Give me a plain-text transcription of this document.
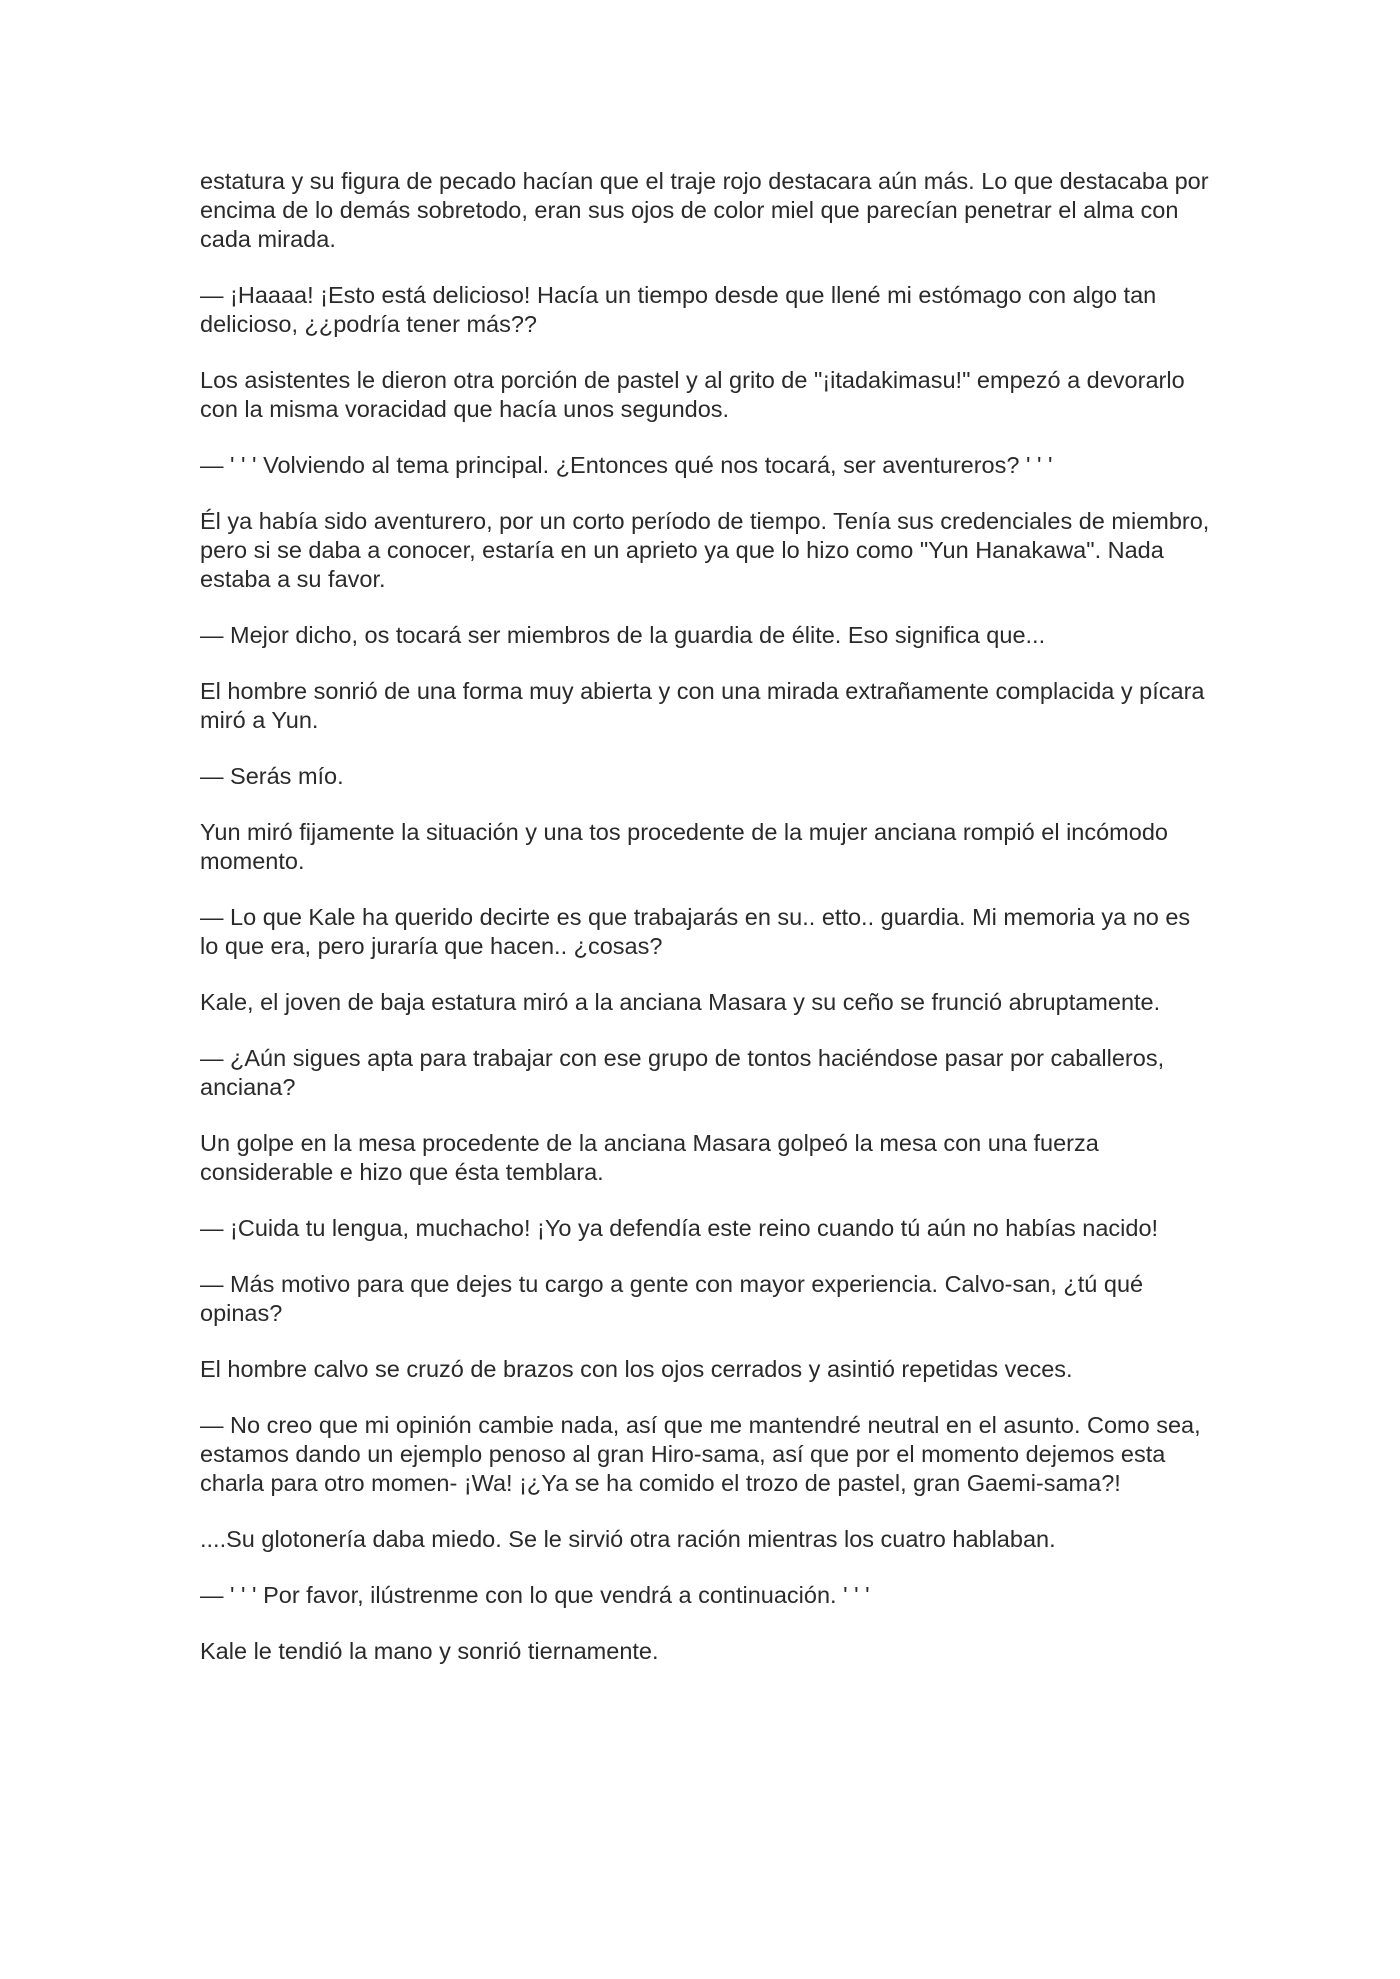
estatura y su figura de pecado hacían que el traje rojo destacara aún más. Lo que destacaba por encima de lo demás sobretodo, eran sus ojos de color miel que parecían penetrar el alma con cada mirada.

— ¡Haaaa! ¡Esto está delicioso! Hacía un tiempo desde que llené mi estómago con algo tan delicioso, ¿¿podría tener más??

Los asistentes le dieron otra porción de pastel y al grito de "¡itadakimasu!" empezó a devorarlo con la misma voracidad que hacía unos segundos.

— ' ' ' Volviendo al tema principal. ¿Entonces qué nos tocará, ser aventureros? ' ' '

Él ya había sido aventurero, por un corto período de tiempo. Tenía sus credenciales de miembro, pero si se daba a conocer, estaría en un aprieto ya que lo hizo como "Yun Hanakawa". Nada estaba a su favor.

— Mejor dicho, os tocará ser miembros de la guardia de élite. Eso significa que...

El hombre sonrió de una forma muy abierta y con una mirada extrañamente complacida y pícara miró a Yun.

— Serás mío.

Yun miró fijamente la situación y una tos procedente de la mujer anciana rompió el incómodo momento.

— Lo que Kale ha querido decirte es que trabajarás en su.. etto.. guardia. Mi memoria ya no es lo que era, pero juraría que hacen.. ¿cosas?

Kale, el joven de baja estatura miró a la anciana Masara y su ceño se frunció abruptamente.

— ¿Aún sigues apta para trabajar con ese grupo de tontos haciéndose pasar por caballeros, anciana?

Un golpe en la mesa procedente de la anciana Masara golpeó la mesa con una fuerza considerable e hizo que ésta temblara.

— ¡Cuida tu lengua, muchacho! ¡Yo ya defendía este reino cuando tú aún no habías nacido!

— Más motivo para que dejes tu cargo a gente con mayor experiencia. Calvo-san, ¿tú qué opinas?

El hombre calvo se cruzó de brazos con los ojos cerrados y asintió repetidas veces.

— No creo que mi opinión cambie nada, así que me mantendré neutral en el asunto. Como sea, estamos dando un ejemplo penoso al gran Hiro-sama, así que por el momento dejemos esta charla para otro momen- ¡Wa! ¡¿Ya se ha comido el trozo de pastel, gran Gaemi-sama?!

....Su glotonería daba miedo. Se le sirvió otra ración mientras los cuatro hablaban.

— ' ' ' Por favor, ilústrenme con lo que vendrá a continuación. ' ' '

Kale le tendió la mano y sonrió tiernamente.
